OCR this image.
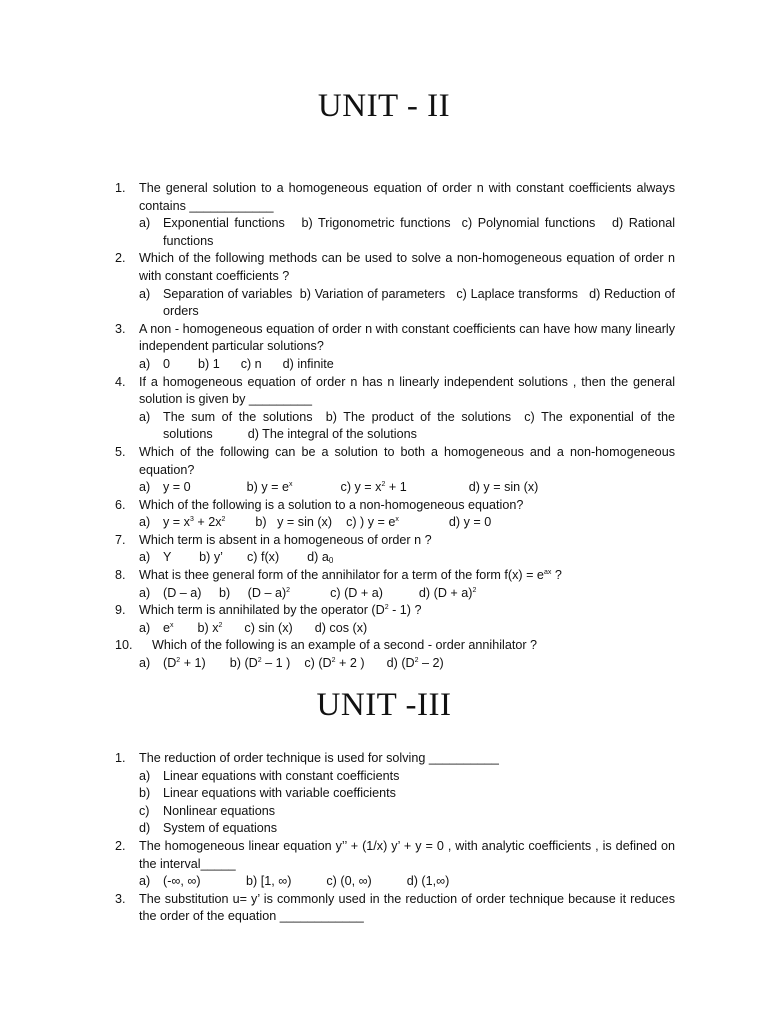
UNIT - II
1. The general solution to a homogeneous equation of order n with constant coefficients always contains ____________
a) Exponential functions   b) Trigonometric functions  c) Polynomial functions   d) Rational functions
2. Which of the following methods can be used to solve a non-homogeneous equation of order n with constant coefficients ?
a) Separation of variables  b) Variation of parameters   c) Laplace transforms   d) Reduction of orders
3. A non - homogeneous equation of order n with constant coefficients can have how many linearly independent particular solutions?
a) 0        b) 1      c) n      d) infinite
4. If a homogeneous equation of order n has n linearly independent solutions , then the general solution is given by _________
a) The sum of the solutions  b) The product of the solutions  c) The exponential of the solutions          d) The integral of the solutions
5. Which of the following can be a solution to both a homogeneous and a non-homogeneous equation?
a) y = 0	b) $y = e^x$	c) $y = x^2 + 1$	d) y = sin (x)
6. Which of the following is a solution to a non-homogeneous equation?
a) $y = x^3 + 2x^2$ b)   y = sin (x) c) ) $y = e^x$	d) y = 0
7. Which term is absent in a homogeneous of order n ?
a) Y        b) y’       c) f(x)        d) $a_0$
8. What is thee general form of the annihilator for a term of the form $f(x) = e^{ax}$ ?
a) (D – a)     b)     (D – a)$^2$	c) (D + a)	d) $(D + a)^2$
9. Which term is annihilated by the operator $(D^2 - 1)$ ?
a) $e^x$ b) $x^2$ c) sin (x) d) cos (x)
10. Which of the following is an example of a second - order annihilator ?
a) $(D^2 + 1)$ b) ($D^2 - 1$ ) c) ($D^2 + 2$ ) d) $(D^2 - 2)$
UNIT -III
1. The reduction of order technique is used for solving __________
a) Linear equations with constant coefficients
b) Linear equations with variable coefficients
c) Nonlinear equations
d) System of equations
2. The homogeneous linear equation y’’ + (1/x) y’ + y = 0 , with analytic coefficients , is defined on the interval_____
a) (-∞, ∞)             b) [1, ∞)          c) (0, ∞)          d) (1,∞)
3. The substitution u= y’ is commonly used in the reduction of order technique because it reduces the order of the equation ____________
